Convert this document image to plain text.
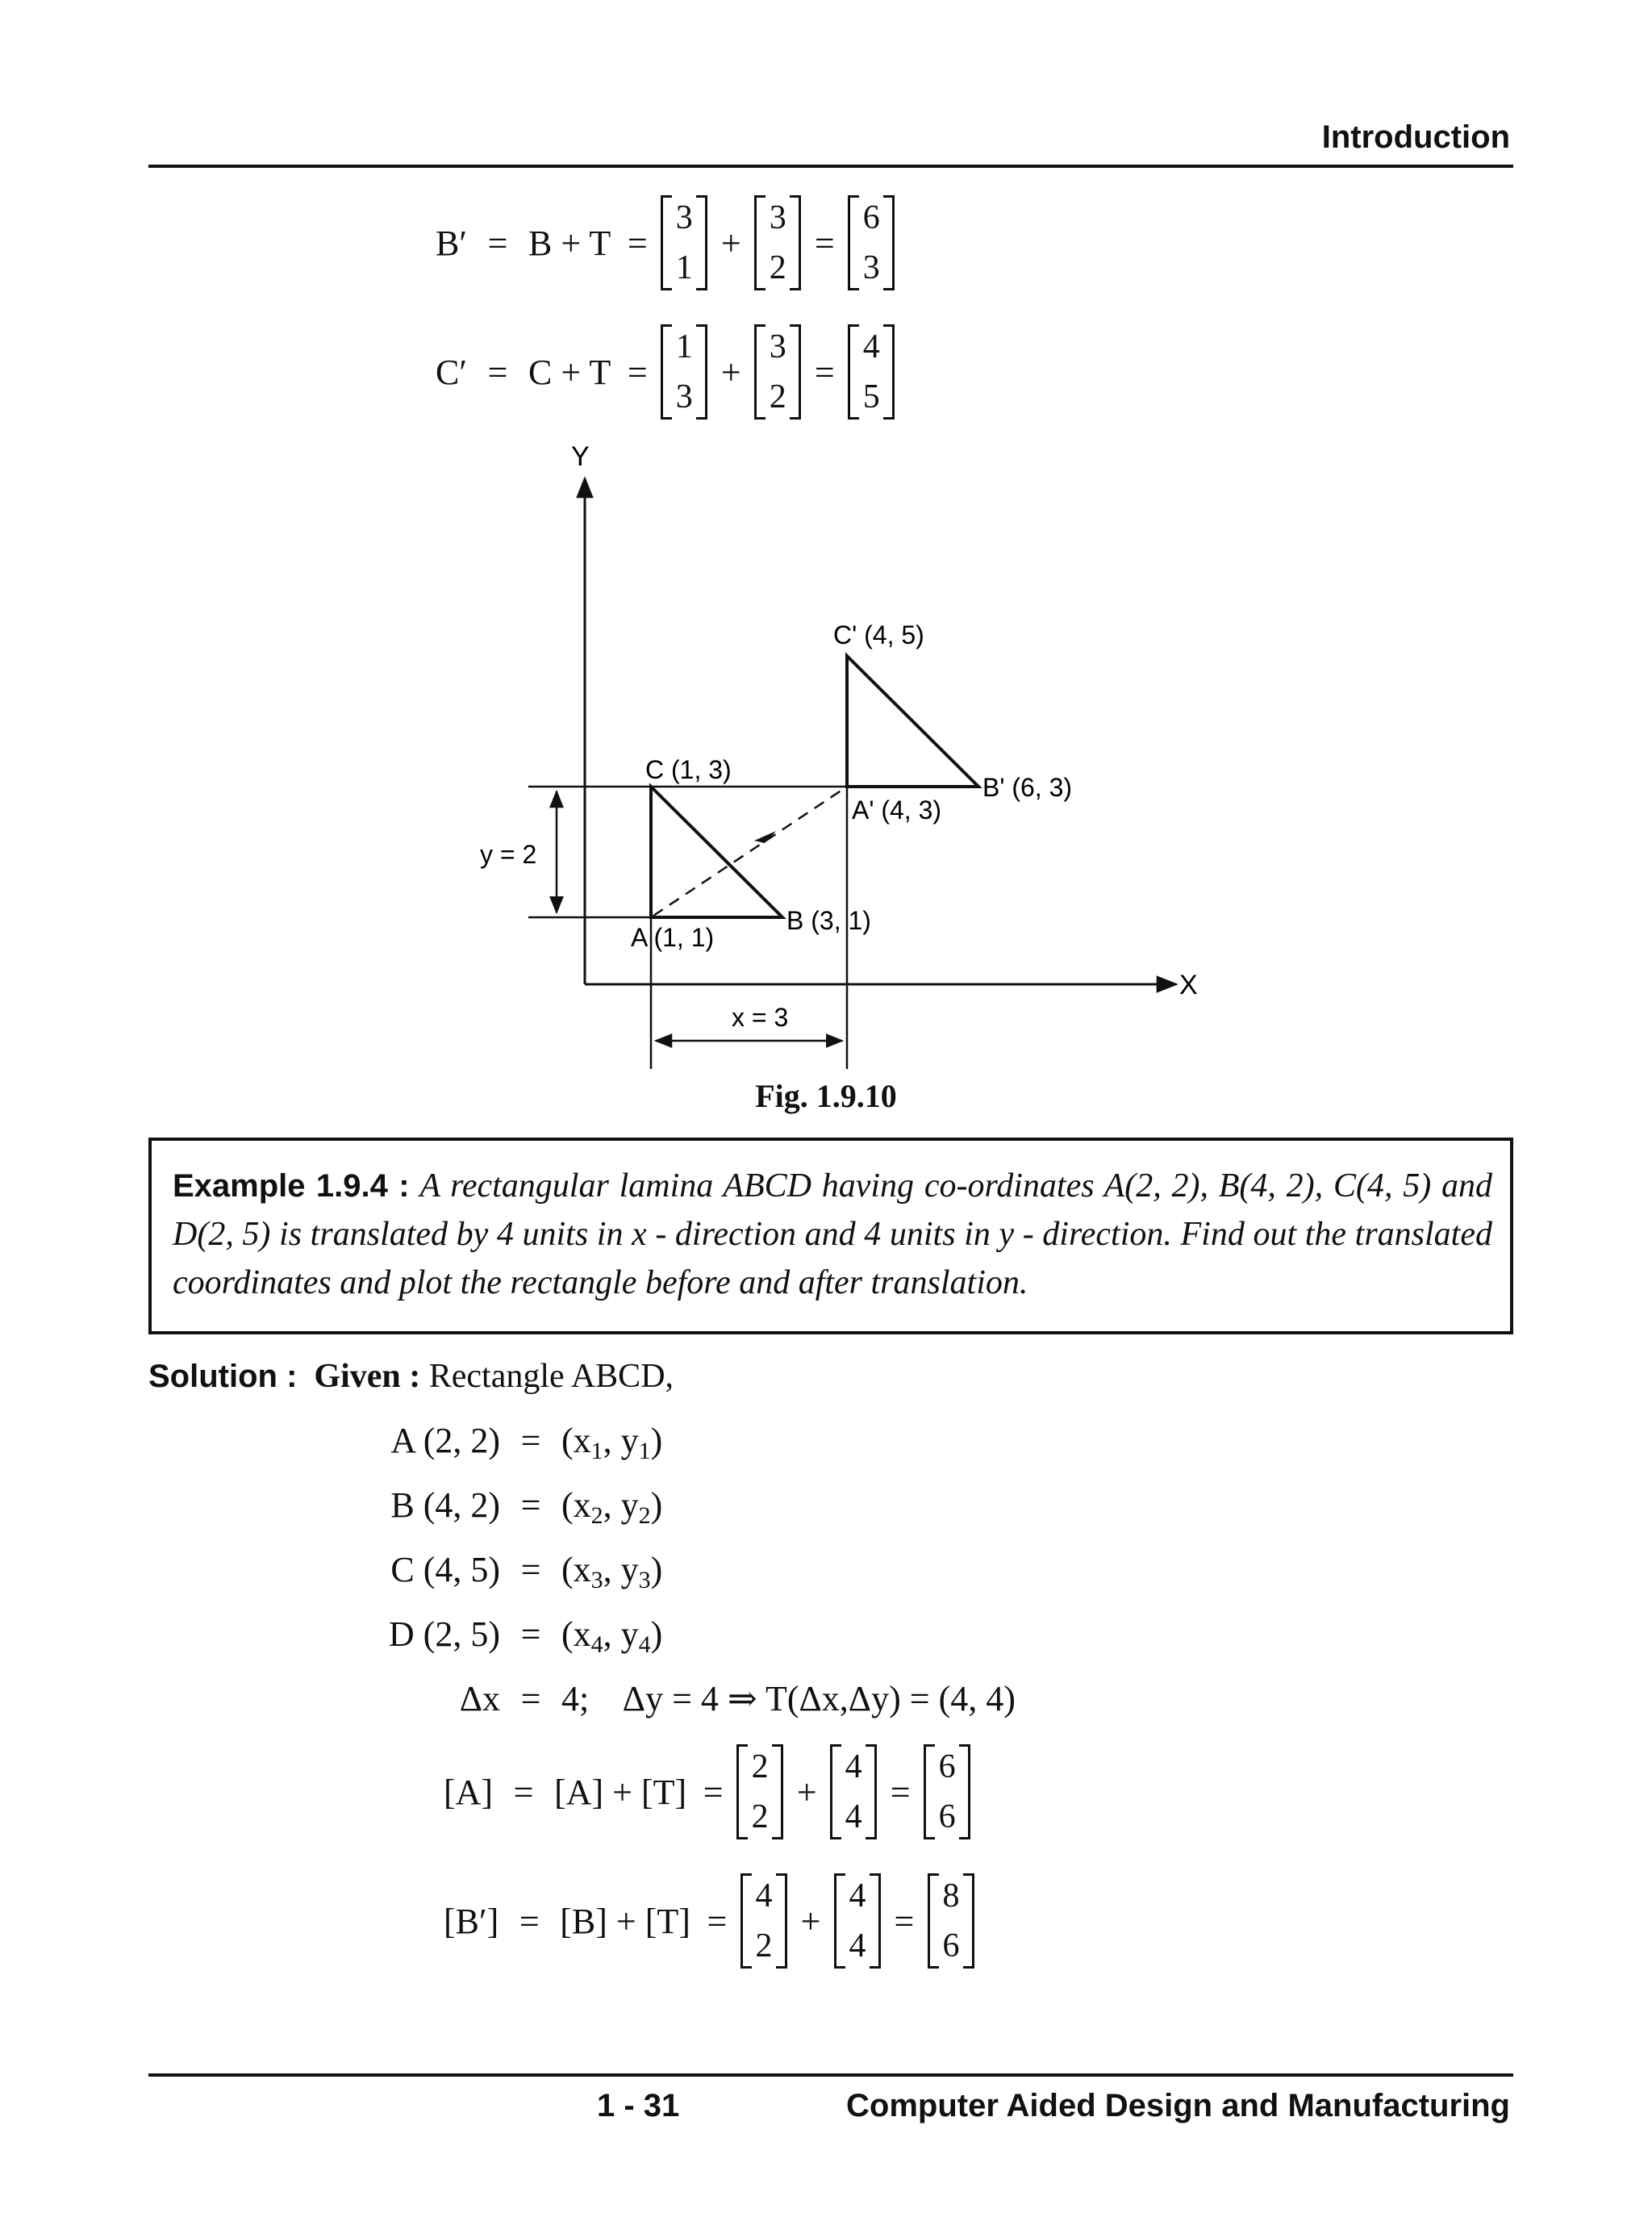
Introduction
B′ = B + T =
3
1
+
3
2
=
6
3
C′ = C + T =
1
3
+
3
2
=
4
5
Y
X
y = 2
x = 3
C (1, 3)
A (1, 1)
B (3, 1)
C' (4, 5)
A' (4, 3)
B' (6, 3)
Fig. 1.9.10
Example 1.9.4 : A rectangular lamina ABCD having co-ordinates A(2, 2), B(4, 2), C(4, 5) and D(2, 5) is translated by 4 units in x - direction and 4 units in y - direction. Find out the translated coordinates and plot the rectangle before and after translation.
Solution : Given : Rectangle ABCD,
A (2, $2) = (x_1$, $y_1$)
B (4, $2) = (x_2$, $y_2$)
C (4, $5) = (x_3$, $y_3$)
D (2, $5) = (x_4$, $y_4$)
Δx = 4;    Δy = 4 ⇒ T(Δx,Δy) = (4, 4)
[A] = [A] + [T] =
2
2
+
4
4
=
6
6
[B′] = [B] + [T] =
4
2
+
4
4
=
8
6
1 - 31	Computer Aided Design and Manufacturing
